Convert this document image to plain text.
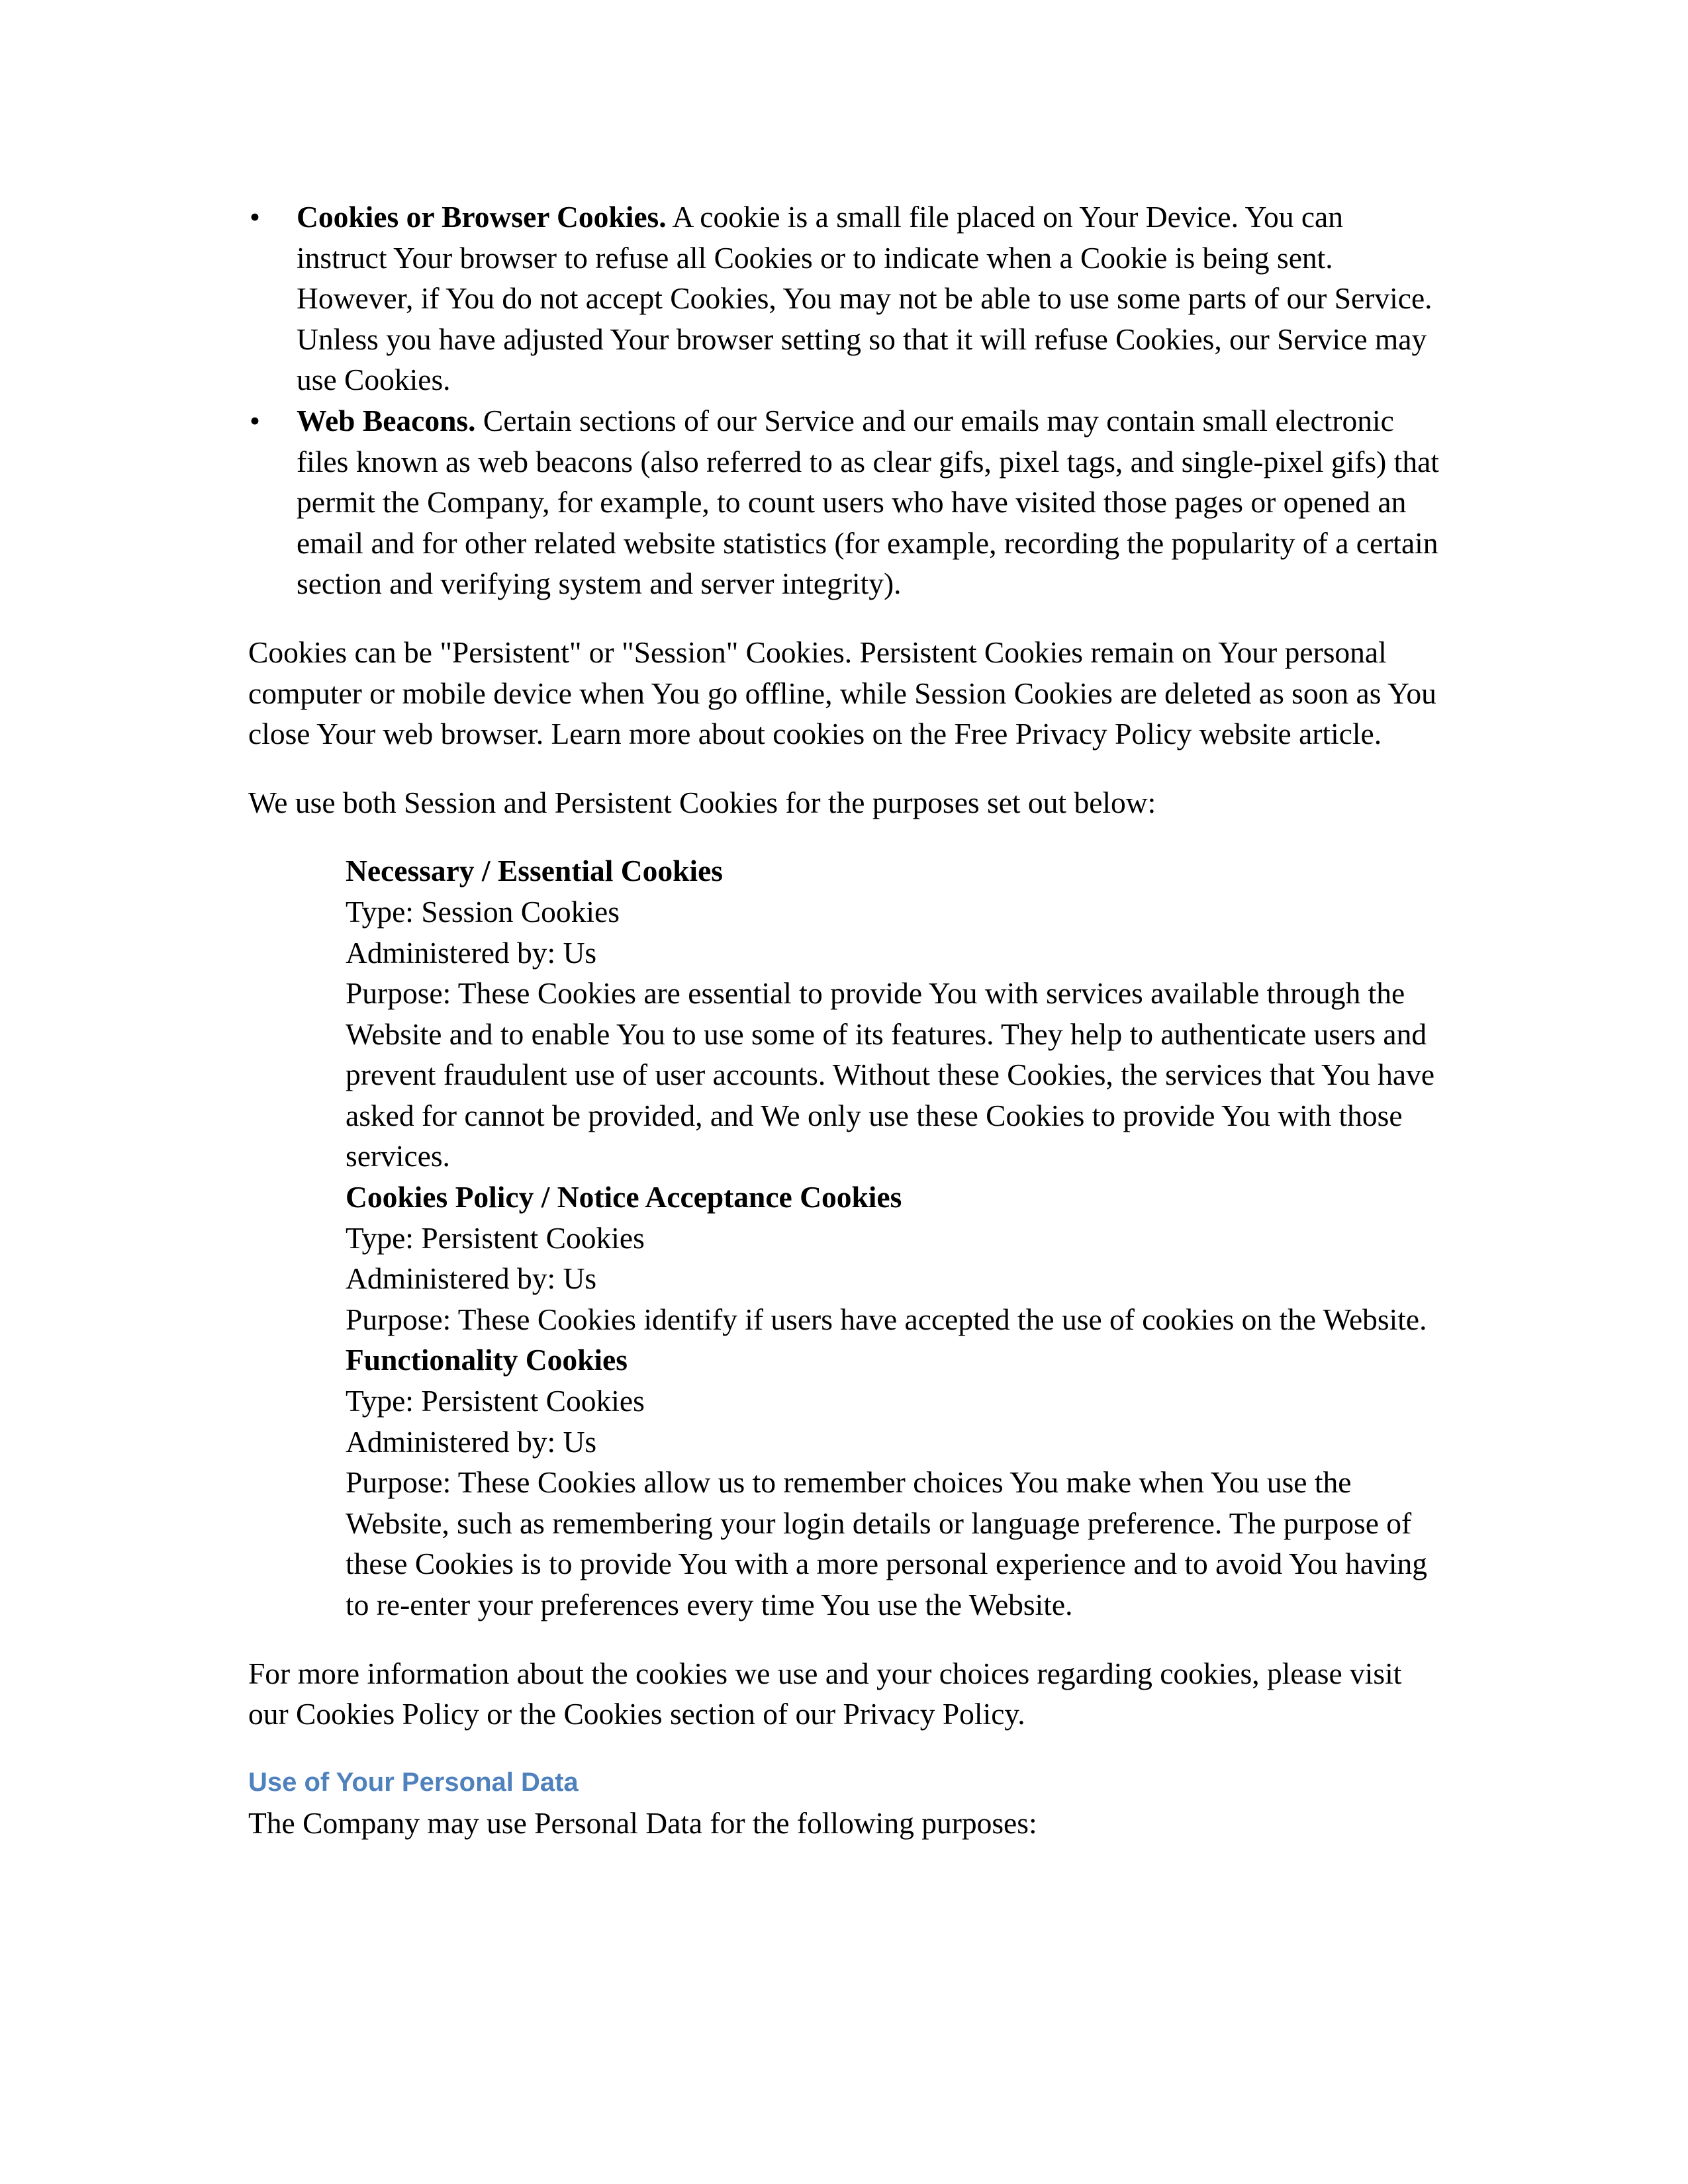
•	Cookies or Browser Cookies. A cookie is a small file placed on Your Device. You can instruct Your browser to refuse all Cookies or to indicate when a Cookie is being sent. However, if You do not accept Cookies, You may not be able to use some parts of our Service. Unless you have adjusted Your browser setting so that it will refuse Cookies, our Service may use Cookies.
•	Web Beacons. Certain sections of our Service and our emails may contain small electronic files known as web beacons (also referred to as clear gifs, pixel tags, and single-pixel gifs) that permit the Company, for example, to count users who have visited those pages or opened an email and for other related website statistics (for example, recording the popularity of a certain section and verifying system and server integrity).

Cookies can be "Persistent" or "Session" Cookies. Persistent Cookies remain on Your personal computer or mobile device when You go offline, while Session Cookies are deleted as soon as You close Your web browser. Learn more about cookies on the Free Privacy Policy website article.

We use both Session and Persistent Cookies for the purposes set out below:

Necessary / Essential Cookies
Type: Session Cookies
Administered by: Us
Purpose: These Cookies are essential to provide You with services available through the Website and to enable You to use some of its features. They help to authenticate users and prevent fraudulent use of user accounts. Without these Cookies, the services that You have asked for cannot be provided, and We only use these Cookies to provide You with those services.
Cookies Policy / Notice Acceptance Cookies
Type: Persistent Cookies
Administered by: Us
Purpose: These Cookies identify if users have accepted the use of cookies on the Website.
Functionality Cookies
Type: Persistent Cookies
Administered by: Us
Purpose: These Cookies allow us to remember choices You make when You use the Website, such as remembering your login details or language preference. The purpose of these Cookies is to provide You with a more personal experience and to avoid You having to re-enter your preferences every time You use the Website.

For more information about the cookies we use and your choices regarding cookies, please visit our Cookies Policy or the Cookies section of our Privacy Policy.

Use of Your Personal Data

The Company may use Personal Data for the following purposes:
